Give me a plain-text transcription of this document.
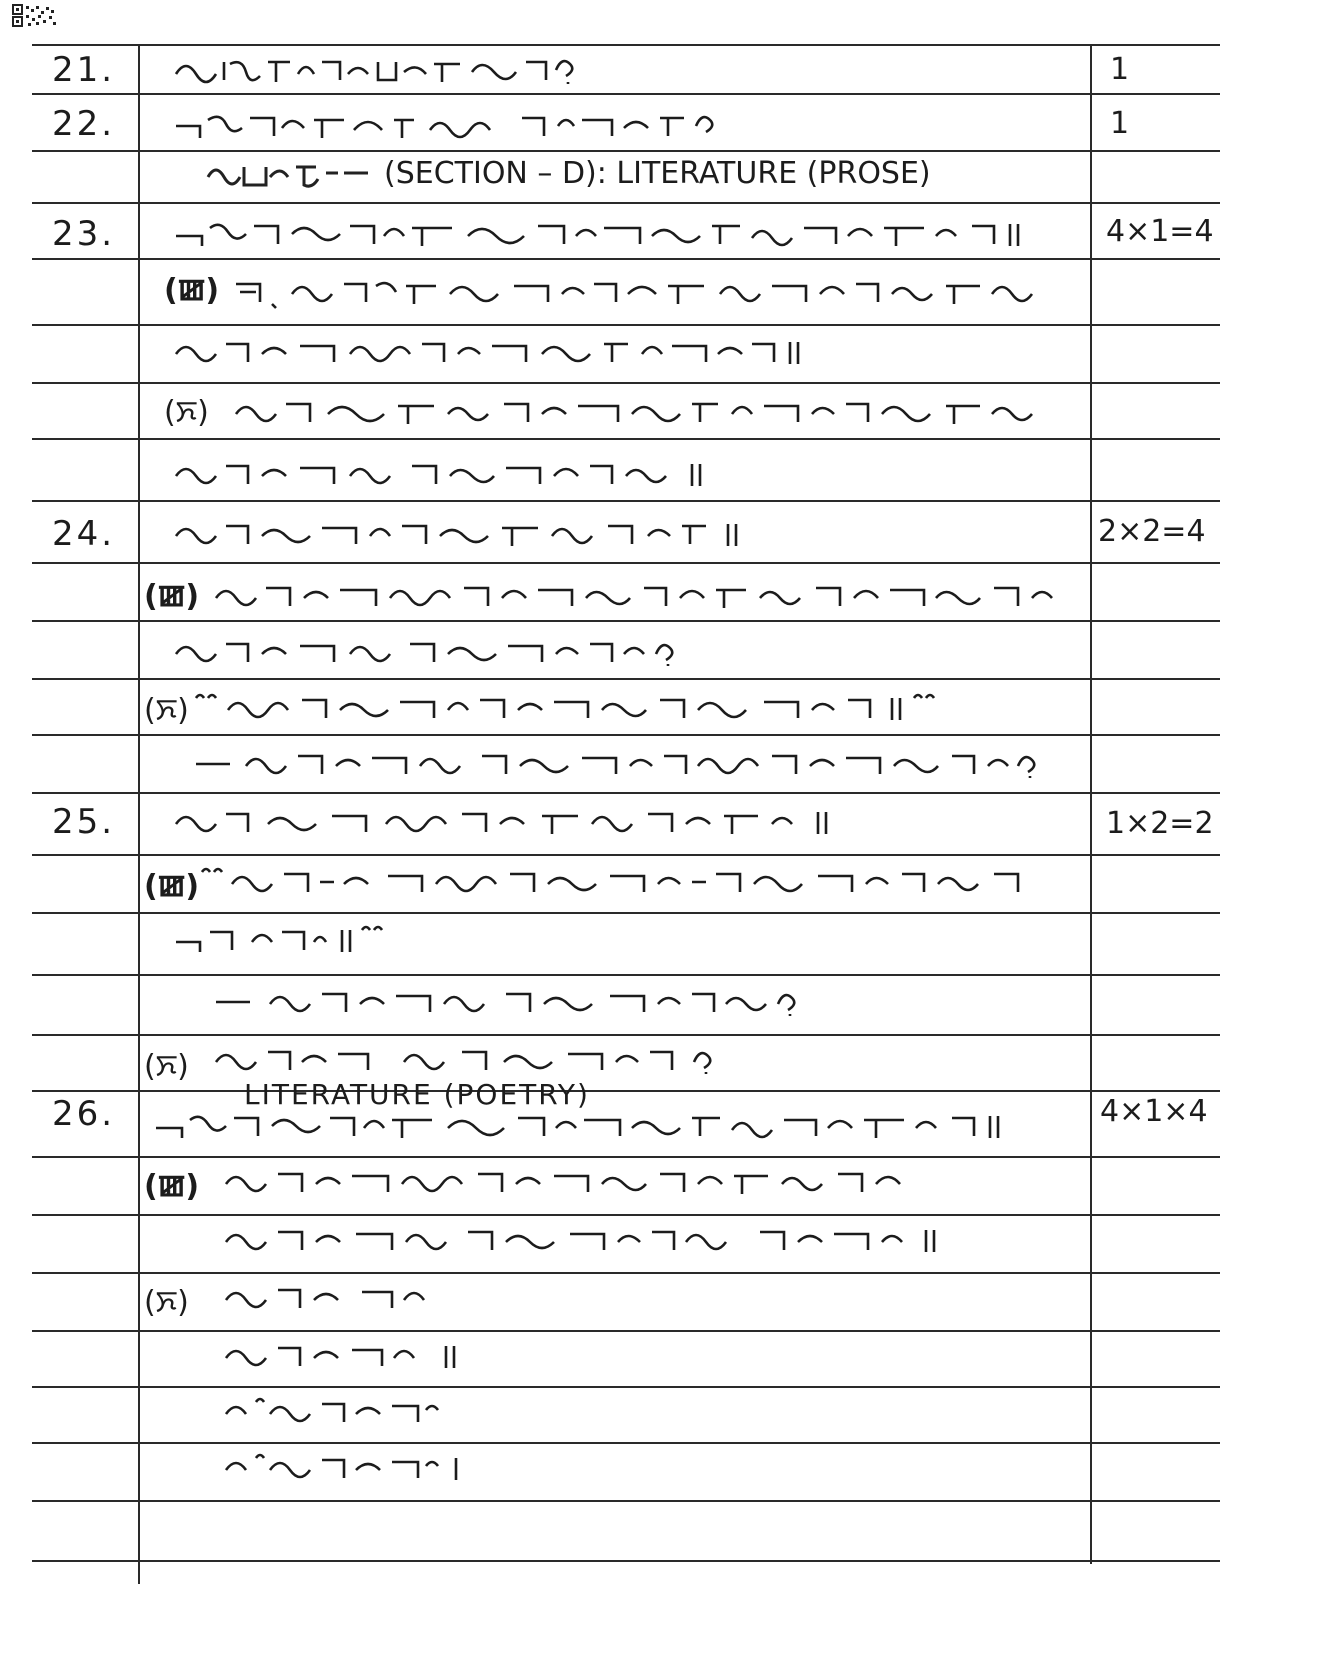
21.
22.
23.
24.
25.
26.
1
1
4×1=4
2×2=4
1×2=2
4×1×4
(SECTION – D): LITERATURE (PROSE)
LITERATURE (POETRY)
(ꯀ)
(ꯈ)
(ꯀ)
(ꯈ)
(ꯀ)
(ꯈ)
(ꯀ)
(ꯈ)
